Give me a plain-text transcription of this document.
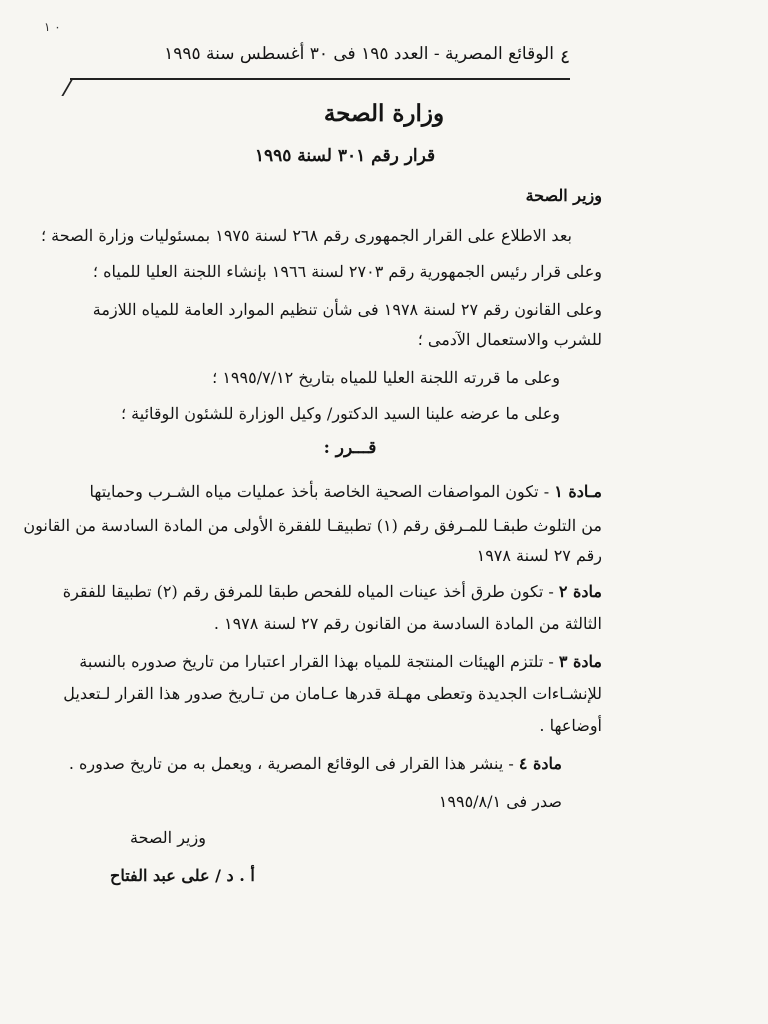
٠ ١
٤
الوقائع المصرية - العدد ١٩٥ فى ٣٠ أغسطس سنة ١٩٩٥
وزارة الصحة
قرار رقم ٣٠١ لسنة ١٩٩٥
وزير الصحة
بعد الاطلاع على القرار الجمهورى رقم ٢٦٨ لسنة ١٩٧٥ بمسئوليات وزارة الصحة ؛
وعلى قرار رئيس الجمهورية رقم ٢٧٠٣ لسنة ١٩٦٦ بإنشاء اللجنة العليا للمياه ؛
وعلى القانون رقم ٢٧ لسنة ١٩٧٨ فى شأن تنظيم الموارد العامة للمياه اللازمة
للشرب والاستعمال الآدمى ؛
وعلى ما قررته اللجنة العليا للمياه بتاريخ ١٩٩٥/٧/١٢ ؛
وعلى ما عرضه علينا السيد الدكتور/ وكيل الوزارة للشئون الوقائية ؛
قـــرر :
مـادة ١ - تكون المواصفات الصحية الخاصة بأخذ عمليات مياه الشـرب وحمايتها
من التلوث طبقـا للمـرفق رقم (١) تطبيقـا للفقرة الأولى من المادة السادسة من القانون
رقم ٢٧ لسنة ١٩٧٨
مادة ٢ - تكون طرق أخذ عينات المياه للفحص طبقا للمرفق رقم (٢) تطبيقا للفقرة
الثالثة من المادة السادسة من القانون رقم ٢٧ لسنة ١٩٧٨ .
مادة ٣ - تلتزم الهيئات المنتجة للمياه بهذا القرار اعتبارا من تاريخ صدوره بالنسبة
للإنشـاءات الجديدة وتعطى مهـلة قدرها عـامان من تـاريخ صدور هذا القرار لـتعديل
أوضاعها .
مادة ٤ - ينشر هذا القرار فى الوقائع المصرية ، ويعمل به من تاريخ صدوره .
صدر فى ١٩٩٥/٨/١
وزير الصحة
أ . د / على عبد الفتاح
